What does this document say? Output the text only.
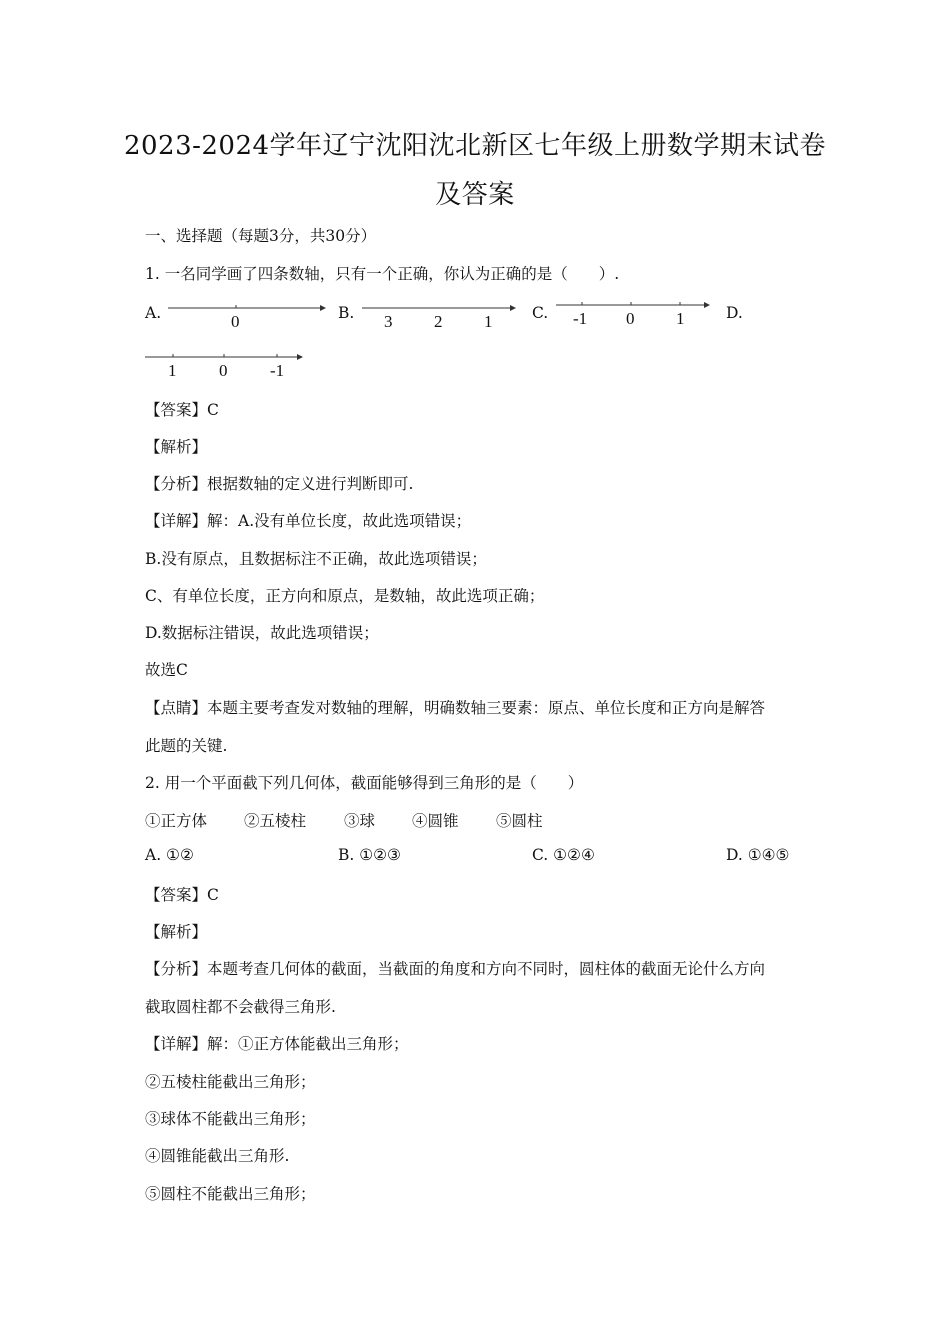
2023-2024学年辽宁沈阳沈北新区七年级上册数学期末试卷
及答案
一、选择题（每题3分，共30分）
1. 一名同学画了四条数轴，只有一个正确，你认为正确的是（　　）.
A.	0	B. 3 2 1	C. -1 0 1	D.
1	0	-1
【答案】C
【解析】
【分析】根据数轴的定义进行判断即可.
【详解】解：A.没有单位长度，故此选项错误；
B.没有原点，且数据标注不正确，故此选项错误；
C、有单位长度，正方向和原点，是数轴，故此选项正确；
D.数据标注错误，故此选项错误；
故选C
【点睛】本题主要考查发对数轴的理解，明确数轴三要素：原点、单位长度和正方向是解答
此题的关键.
2. 用一个平面截下列几何体，截面能够得到三角形的是（　　）
①正方体 ②五棱柱 ③球 ④圆锥 ⑤圆柱
A. ①②	B. ①②③	C. ①②④	D. ①④⑤
【答案】C
【解析】
【分析】本题考查几何体的截面，当截面的角度和方向不同时，圆柱体的截面无论什么方向
截取圆柱都不会截得三角形.
【详解】解：①正方体能截出三角形；
②五棱柱能截出三角形；
③球体不能截出三角形；
④圆锥能截出三角形.
⑤圆柱不能截出三角形；
